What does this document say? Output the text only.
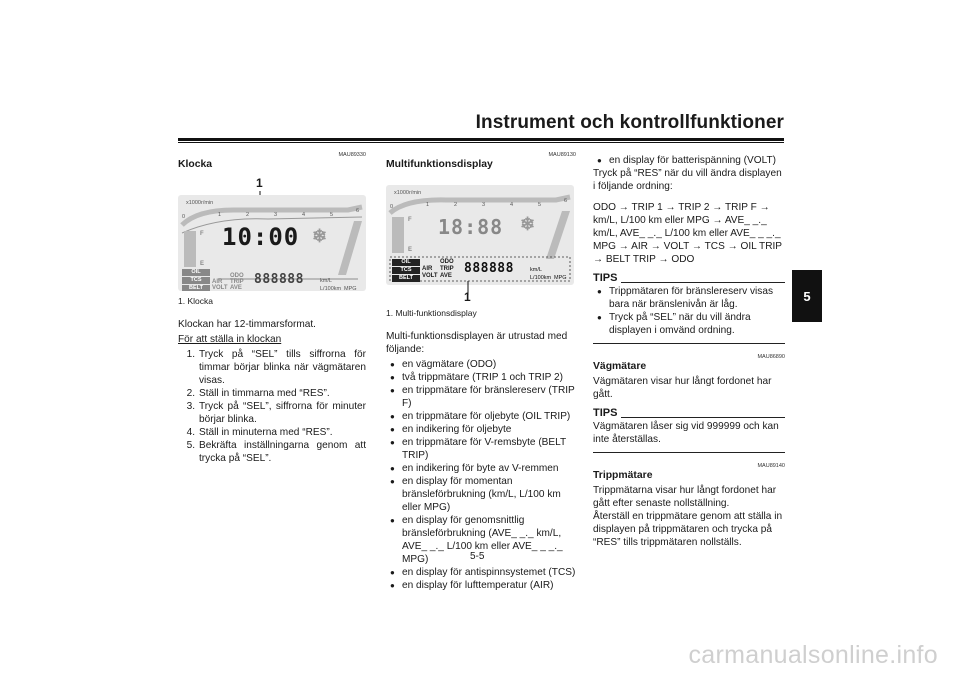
Instrument och kontrollfunktioner
5
MAU89330
Klocka
1
x1000r/min
0	1	2	3	4	5
6
F
E
10:00 ❄
OIL
TCS
BELT
ODO
AIR TRIP
VOLT AVE
888888	km/L
L/100km MPG
1. Klocka

Klockan har 12-timmarsformat.

För att ställa in klockan

1. Tryck på “SEL” tills siffrorna för timmar börjar blinka när vägmätaren visas.
2. Ställ in timmarna med “RES”.
3. Tryck på “SEL”, siffrorna för minuter börjar blinka.
4. Ställ in minuterna med “RES”.
5. Bekräfta inställningarna genom att trycka på “SEL”.
MAU89130
Multifunktionsdisplay
x1000r/min
0	1	2	3	4	5
6
F
E
18:88 ❄
OIL
TCS
BELT
ODO
AIR TRIP
VOLT AVE 888888	km/L
L/100km MPG
1
1. Multi-funktionsdisplay

Multi-funktionsdisplayen är utrustad med följande:

● en vägmätare (ODO)
● två trippmätare (TRIP 1 och TRIP 2)
● en trippmätare för bränslereserv (TRIP F)
● en trippmätare för oljebyte (OIL TRIP)
● en indikering för oljebyte
● en trippmätare för V-remsbyte (BELT TRIP)
● en indikering för byte av V-remmen
● en display för momentan bränsleförbrukning (km/L, L/100 km eller MPG)
● en display för genomsnittlig bränsleförbrukning (AVE_ _._ km/L, AVE_ _._ L/100 km eller AVE_ _ _._ MPG)
● en display för antispinnsystemet (TCS)
● en display för lufttemperatur (AIR)
● en display för batterispänning (VOLT)

Tryck på “RES” när du vill ändra displayen i följande ordning:

ODO → TRIP 1 → TRIP 2 → TRIP F → km/L, L/100 km eller MPG → AVE_ _._ km/L, AVE_ _._ L/100 km eller AVE_ _ _._ MPG → AIR → VOLT → TCS → OIL TRIP → BELT TRIP → ODO

TIPS
● Trippmätaren för bränslereserv visas bara när bränslenivån är låg.
● Tryck på “SEL” när du vill ändra displayen i omvänd ordning.
MAU86890
Vägmätare

Vägmätaren visar hur långt fordonet har gått.

TIPS

Vägmätaren låser sig vid 999999 och kan inte återställas.

MAU89140
Trippmätare

Trippmätarna visar hur långt fordonet har gått efter senaste nollställning.

Återställ en trippmätare genom att ställa in displayen på trippmätaren och trycka på “RES” tills trippmätaren nollställs.

5-5
carmanualsonline.info
